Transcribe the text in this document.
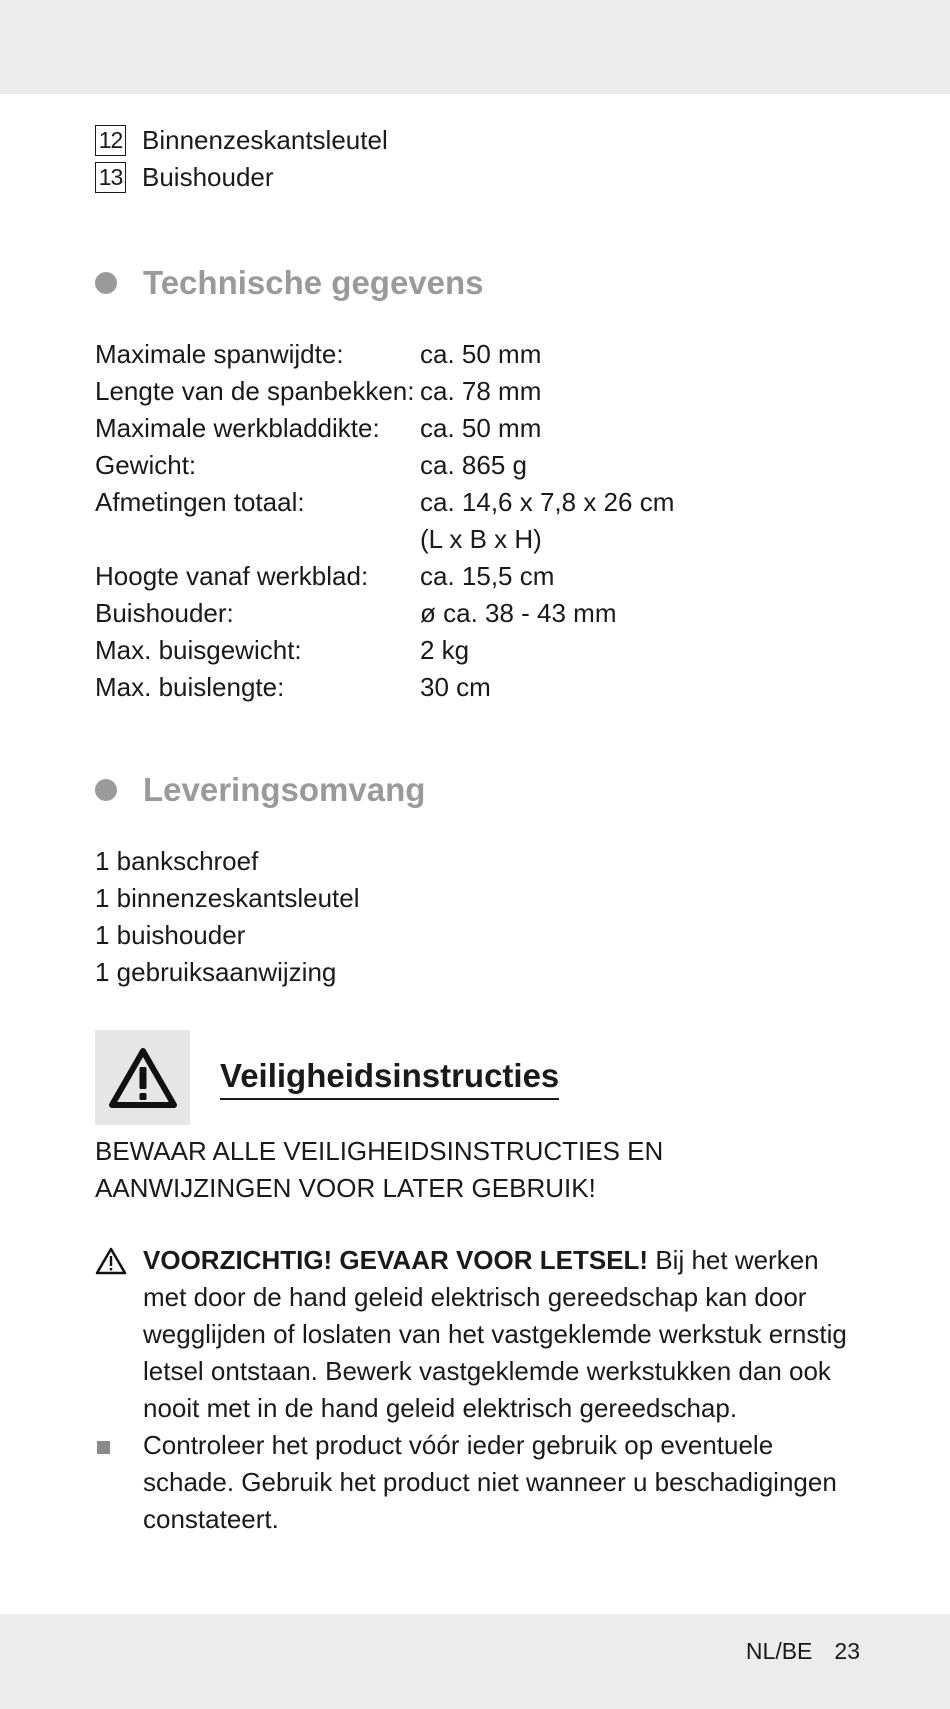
12 Binnenzeskantsleutel
13 Buishouder
Technische gegevens
Maximale spanwijdte:	ca. 50 mm
Lengte van de spanbekken: ca. 78 mm
Maximale werkbladdikte:	ca. 50 mm
Gewicht:	ca. 865 g
Afmetingen totaal:	ca. 14,6 x 7,8 x 26 cm
(L x B x H)
Hoogte vanaf werkblad:	ca. 15,5 cm
Buishouder:	ø ca. 38 - 43 mm
Max. buisgewicht:	2 kg
Max. buislengte:	30 cm
Leveringsomvang
1 bankschroef
1 binnenzeskantsleutel
1 buishouder
1 gebruiksaanwijzing
Veiligheidsinstructies
BEWAAR ALLE VEILIGHEIDSINSTRUCTIES EN
AANWIJZINGEN VOOR LATER GEBRUIK!
VOORZICHTIG! GEVAAR VOOR LETSEL! Bij het werken met door de hand geleid elektrisch gereedschap kan door wegglijden of loslaten van het vastgeklemde werkstuk ernstig letsel ontstaan. Bewerk vastgeklemde werkstukken dan ook nooit met in de hand geleid elektrisch gereedschap.
Controleer het product vóór ieder gebruik op eventuele schade. Gebruik het product niet wanneer u beschadigingen constateert.
NL/BE 23
